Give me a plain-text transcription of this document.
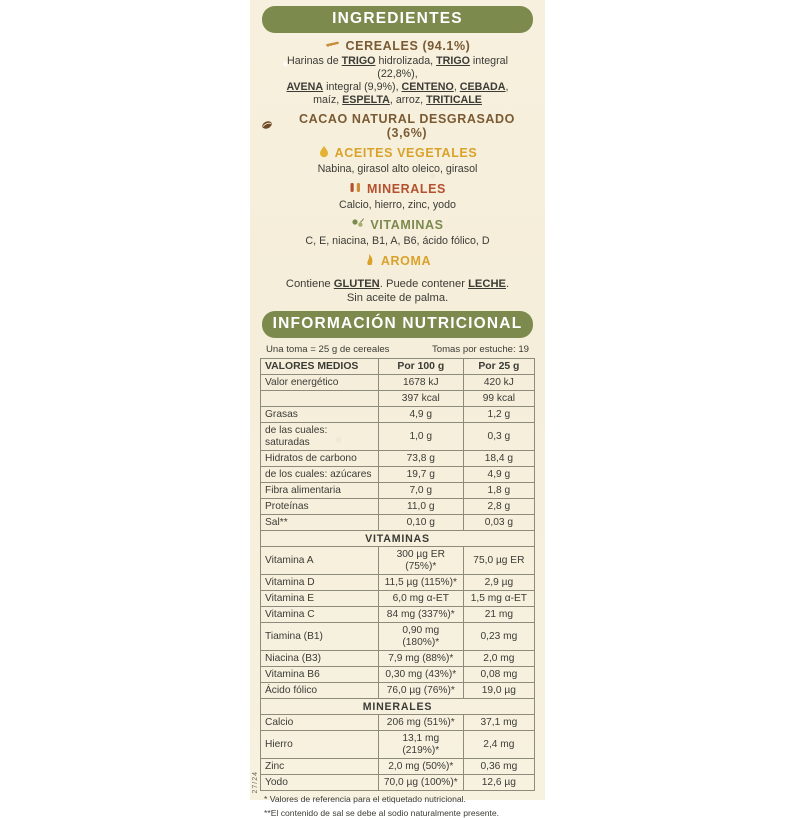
INGREDIENTES
CEREALES (94.1%)
Harinas de TRIGO hidrolizada, TRIGO integral (22,8%),
AVENA integral (9,9%), CENTENO, CEBADA,
maíz, ESPELTA, arroz, TRITICALE
CACAO NATURAL DESGRASADO (3,6%)
ACEITES VEGETALES
Nabina, girasol alto oleico, girasol
MINERALES
Calcio, hierro, zinc, yodo
VITAMINAS
C, E, niacina, B1, A, B6, ácido fólico, D
AROMA
Contiene GLUTEN. Puede contener LECHE.
Sin aceite de palma.
INFORMACIÓN NUTRICIONAL
Una toma = 25 g de cereales	Tomas por estuche: 19
VALORES MEDIOS	Por 100 g	Por 25 g
Valor energético	1678 kJ	420 kJ
	397 kcal	99 kcal
Grasas	4,9 g	1,2 g
de las cuales: saturadas	1,0 g	0,3 g
Hidratos de carbono	73,8 g	18,4 g
de los cuales: azúcares	19,7 g	4,9 g
Fibra alimentaria	7,0 g	1,8 g
Proteínas	11,0 g	2,8 g
Sal**	0,10 g	0,03 g
VITAMINAS		
Vitamina A	300 µg ER (75%)*	75,0 µg ER
Vitamina D	11,5 µg (115%)*	2,9 µg
Vitamina E	6,0 mg α-ET	1,5 mg α-ET
Vitamina C	84 mg (337%)*	21 mg
Tiamina (B1)	0,90 mg (180%)*	0,23 mg
Niacina (B3)	7,9 mg (88%)*	2,0 mg
Vitamina B6	0,30 mg (43%)*	0,08 mg
Ácido fólico	76,0 µg (76%)*	19,0 µg
MINERALES		
Calcio	206 mg (51%)*	37,1 mg
Hierro	13,1 mg (219%)*	2,4 mg
Zinc	2,0 mg (50%)*	0,36 mg
Yodo	70,0 µg (100%)*	12,6 µg
* Valores de referencia para el etiquetado nutricional.
**El contenido de sal se debe al sodio naturalmente presente.
27/24
